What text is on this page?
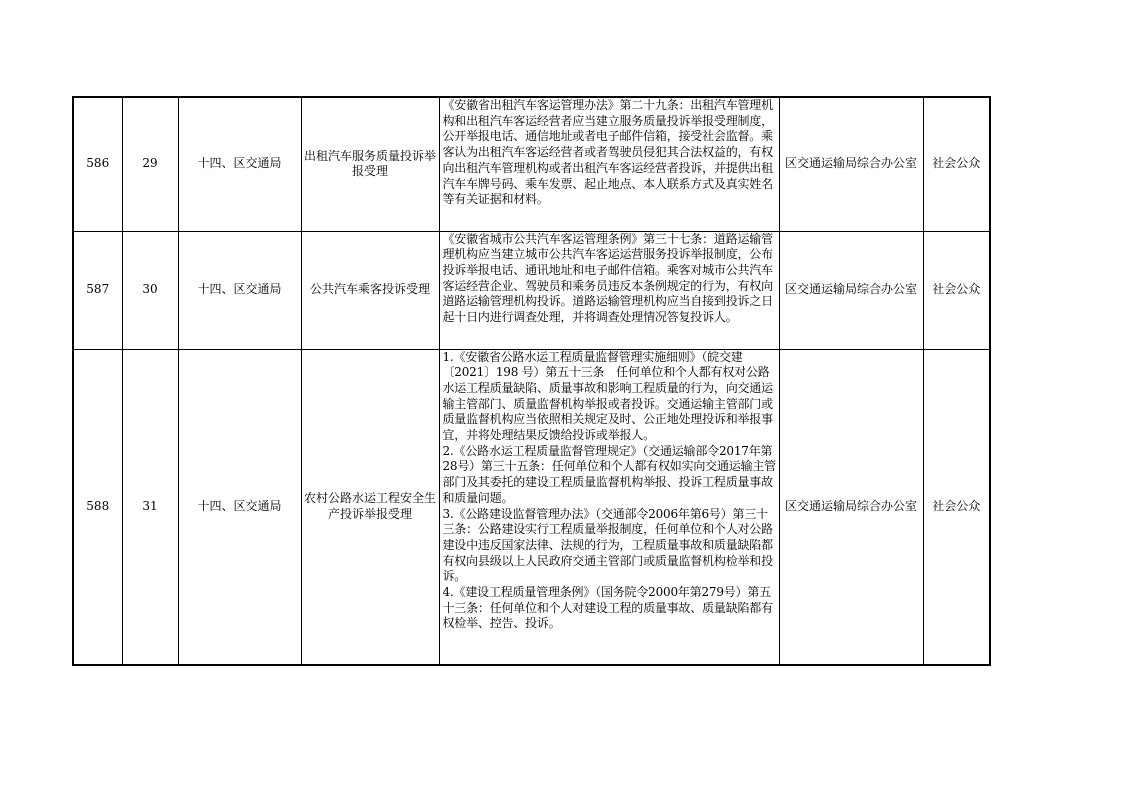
586	29	十四、区交通局	出租汽车服务质量投诉举报受理	《安徽省出租汽车客运管理办法》第二十九条：出租汽车管理机构和出租汽车客运经营者应当建立服务质量投诉举报受理制度，公开举报电话、通信地址或者电子邮件信箱，接受社会监督。乘客认为出租汽车客运经营者或者驾驶员侵犯其合法权益的，有权向出租汽车管理机构或者出租汽车客运经营者投诉，并提供出租汽车车牌号码、乘车发票、起止地点、本人联系方式及真实姓名等有关证据和材料。	区交通运输局综合办公室	社会公众
587	30	十四、区交通局	公共汽车乘客投诉受理	《安徽省城市公共汽车客运管理条例》第三十七条：道路运输管理机构应当建立城市公共汽车客运运营服务投诉举报制度，公布投诉举报电话、通讯地址和电子邮件信箱。乘客对城市公共汽车客运经营企业、驾驶员和乘务员违反本条例规定的行为，有权向道路运输管理机构投诉。道路运输管理机构应当自接到投诉之日起十日内进行调查处理，并将调查处理情况答复投诉人。	区交通运输局综合办公室	社会公众
588	31	十四、区交通局	农村公路水运工程安全生产投诉举报受理	1.《安徽省公路水运工程质量监督管理实施细则》（皖交建〔2021〕198 号）第五十三条　任何单位和个人都有权对公路水运工程质量缺陷、质量事故和影响工程质量的行为，向交通运输主管部门、质量监督机构举报或者投诉。交通运输主管部门或质量监督机构应当依照相关规定及时、公正地处理投诉和举报事宜，并将处理结果反馈给投诉或举报人。
2.《公路水运工程质量监督管理规定》（交通运输部令2017年第28号）第三十五条：任何单位和个人都有权如实向交通运输主管部门及其委托的建设工程质量监督机构举报、投诉工程质量事故和质量问题。
3.《公路建设监督管理办法》（交通部令2006年第6号）第三十三条：公路建设实行工程质量举报制度，任何单位和个人对公路建设中违反国家法律、法规的行为，工程质量事故和质量缺陷都有权向县级以上人民政府交通主管部门或质量监督机构检举和投诉。
4.《建设工程质量管理条例》（国务院令2000年第279号）第五十三条：任何单位和个人对建设工程的质量事故、质量缺陷都有权检举、控告、投诉。	区交通运输局综合办公室	社会公众
